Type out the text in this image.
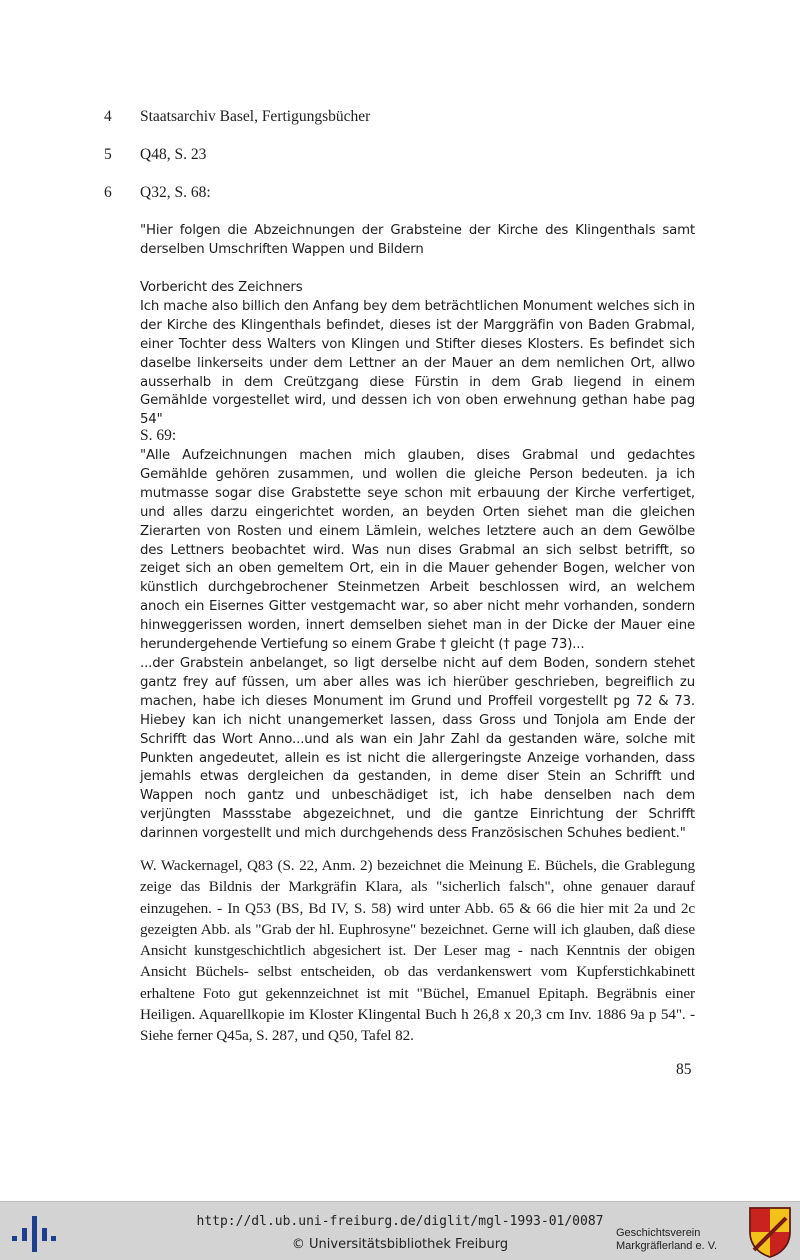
4 Staatsarchiv Basel, Fertigungsbücher
5 Q48, S. 23
6 Q32, S. 68:

"Hier folgen die Abzeichnungen der Grabsteine der Kirche des Klingenthals samt derselben Umschriften Wappen und Bildern

Vorbericht des Zeichners

Ich mache also billich den Anfang bey dem beträchtlichen Monument welches sich in der Kirche des Klingenthals befindet, dieses ist der Marggräfin von Baden Grabmal, einer Tochter dess Walters von Klingen und Stifter dieses Klosters. Es befindet sich daselbe linkerseits under dem Lettner an der Mauer an dem nemlichen Ort, allwo ausserhalb in dem Creützgang diese Fürstin in dem Grab liegend in einem Gemählde vorgestellet wird, und dessen ich von oben erwehnung gethan habe pag 54"

S. 69:

"Alle Aufzeichnungen machen mich glauben, dises Grabmal und gedachtes Gemählde gehören zusammen, und wollen die gleiche Person bedeuten. ja ich mutmasse sogar dise Grabstette seye schon mit erbauung der Kirche verfertiget, und alles darzu eingerichtet worden, an beyden Orten siehet man die gleichen Zierarten von Rosten und einem Lämlein, welches letztere auch an dem Gewölbe des Lettners beobachtet wird. Was nun dises Grabmal an sich selbst betrifft, so zeiget sich an oben gemeltem Ort, ein in die Mauer gehender Bogen, welcher von künstlich durchgebrochener Steinmetzen Arbeit beschlossen wird, an welchem anoch ein Eisernes Gitter vestgemacht war, so aber nicht mehr vorhanden, sondern hinweggerissen worden, innert demselben siehet man in der Dicke der Mauer eine herundergehende Vertiefung so einem Grabe † gleicht († page 73)...

...der Grabstein anbelanget, so ligt derselbe nicht auf dem Boden, sondern stehet gantz frey auf füssen, um aber alles was ich hierüber geschrieben, begreiflich zu machen, habe ich dieses Monument im Grund und Proffeil vorgestellt pg 72 & 73. Hiebey kan ich nicht unangemerket lassen, dass Gross und Tonjola am Ende der Schrifft das Wort Anno...und als wan ein Jahr Zahl da gestanden wäre, solche mit Punkten angedeutet, allein es ist nicht die allergeringste Anzeige vorhanden, dass jemahls etwas dergleichen da gestanden, in deme diser Stein an Schrifft und Wappen noch gantz und unbeschädiget ist, ich habe denselben nach dem verjüngten Massstabe abgezeichnet, und die gantze Einrichtung der Schrifft darinnen vorgestellt und mich durchgehends dess Französischen Schuhes bedient."

W. Wackernagel, Q83 (S. 22, Anm. 2) bezeichnet die Meinung E. Büchels, die Grablegung zeige das Bildnis der Markgräfin Klara, als "sicherlich falsch", ohne genauer darauf einzugehen. - In Q53 (BS, Bd IV, S. 58) wird unter Abb. 65 & 66 die hier mit 2a und 2c gezeigten Abb. als "Grab der hl. Euphrosyne" bezeichnet. Gerne will ich glauben, daß diese Ansicht kunstgeschichtlich abgesichert ist. Der Leser mag - nach Kenntnis der obigen Ansicht Büchels- selbst entscheiden, ob das verdankenswert vom Kupferstichkabinett erhaltene Foto gut gekennzeichnet ist mit "Büchel, Emanuel Epitaph. Begräbnis einer Heiligen. Aquarellkopie im Kloster Klingental Buch h 26,8 x 20,3 cm Inv. 1886 9a p 54". -Siehe ferner Q45a, S. 287, und Q50, Tafel 82.
85
http://dl.ub.uni-freiburg.de/diglit/mgl-1993-01/0087
© Universitätsbibliothek Freiburg
Geschichtsverein
Markgräflerland e. V.
